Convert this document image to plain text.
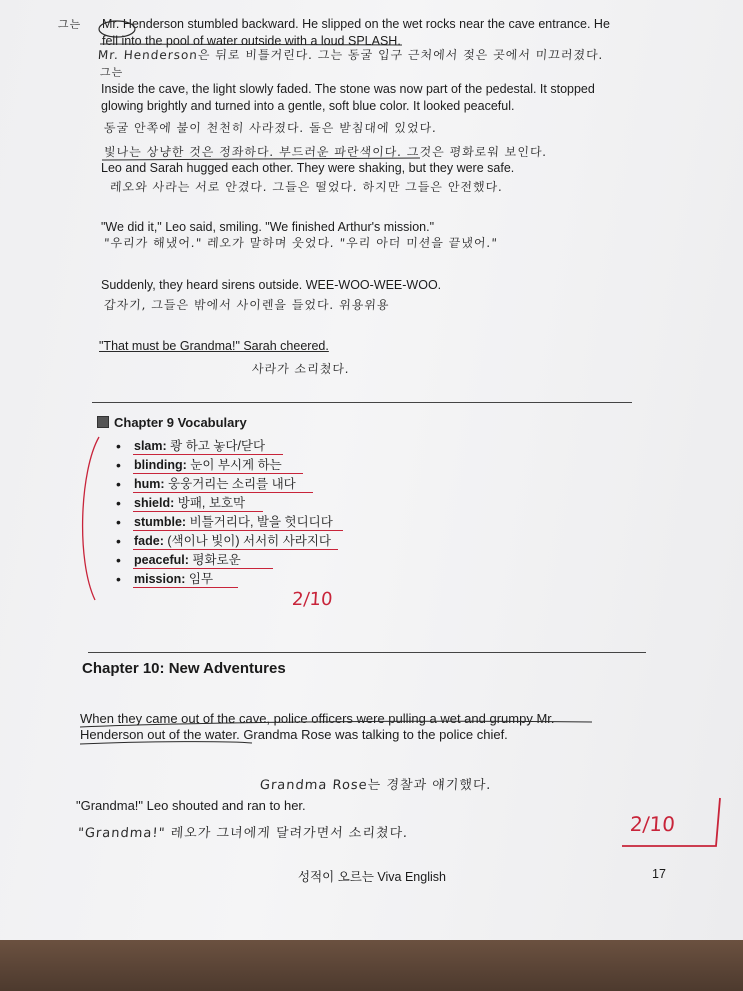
Mr. Henderson stumbled backward. He slipped on the wet rocks near the cave entrance. He
fell into the pool of water outside with a loud SPLASH.
Mr. Henderson은 뒤로 비틀거린다. 그는 동굴 입구 근처에서 젖은 곳에서 미끄러졌다.
그는
그는
Inside the cave, the light slowly faded. The stone was now part of the pedestal. It stopped
glowing brightly and turned into a gentle, soft blue color. It looked peaceful.
동굴 안쪽에 불이 천천히 사라졌다. 돌은 받침대에 있었다.
빛나는 상냥한 것은 정좌하다. 부드러운 파란색이다. 그것은 평화로워 보인다.
Leo and Sarah hugged each other. They were shaking, but they were safe.
레오와 사라는 서로 안겼다. 그들은 떨었다. 하지만 그들은 안전했다.
"We did it," Leo said, smiling. "We finished Arthur's mission."
"우리가 해냈어." 레오가 말하며 웃었다. "우리 아더 미션을 끝냈어."
Suddenly, they heard sirens outside. WEE-WOO-WEE-WOO.
갑자기, 그들은 밖에서 사이렌을 들었다. 위용위용
"That must be Grandma!" Sarah cheered.
사라가 소리쳤다.
Chapter 9 Vocabulary
• slam: 쾅 하고 놓다/닫다
• blinding: 눈이 부시게 하는
• hum: 웅웅거리는 소리를 내다
• shield: 방패, 보호막
• stumble: 비틀거리다, 발을 헛디디다
• fade: (색이나 빛이) 서서히 사라지다
• peaceful: 평화로운
• mission: 임무
2/10
Chapter 10: New Adventures
When they came out of the cave, police officers were pulling a wet and grumpy Mr.
Henderson out of the water. Grandma Rose was talking to the police chief.
Grandma Rose는 경찰과 얘기했다.
"Grandma!" Leo shouted and ran to her.
"Grandma!" 레오가 그녀에게 달려가면서 소리쳤다.	2/10
성적이 오르는 Viva English	17
